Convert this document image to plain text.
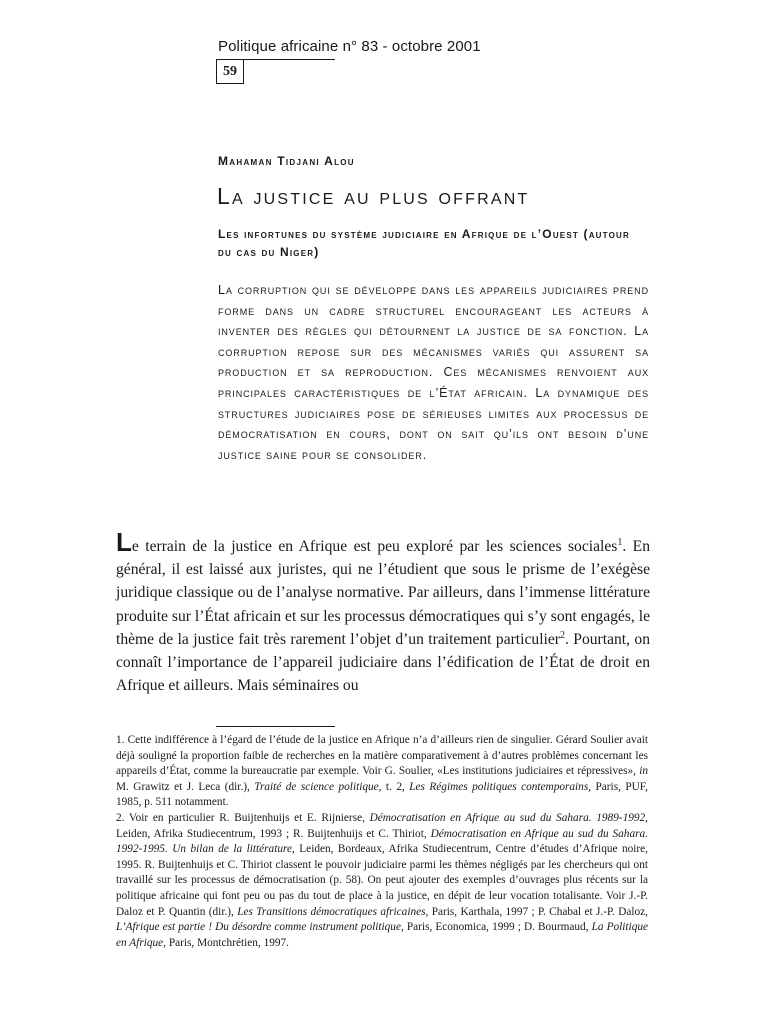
Politique africaine n° 83 - octobre 2001
59
Mahaman Tidjani Alou
La justice au plus offrant
Les infortunes du système judiciaire en Afrique de l’Ouest (autour du cas du Niger)
La corruption qui se développe dans les appareils judiciaires prend forme dans un cadre structurel encourageant les acteurs à inventer des règles qui détournent la justice de sa fonction. La corruption repose sur des mécanismes variés qui assurent sa production et sa reproduction. Ces mécanismes renvoient aux principales caractéristiques de l’État africain. La dynamique des structures judiciaires pose de sérieuses limites aux processus de démocratisation en cours, dont on sait qu’ils ont besoin d’une justice saine pour se consolider.
Le terrain de la justice en Afrique est peu exploré par les sciences sociales$^1$. En général, il est laissé aux juristes, qui ne l’étudient que sous le prisme de l’exégèse juridique classique ou de l’analyse normative. Par ailleurs, dans l’immense littérature produite sur l’État africain et sur les processus démocratiques qui s’y sont engagés, le thème de la justice fait très rarement l’objet d’un traitement particulier$^2$. Pourtant, on connaît l’importance de l’appareil judiciaire dans l’édification de l’État de droit en Afrique et ailleurs. Mais séminaires ou

1. Cette indifférence à l’égard de l’étude de la justice en Afrique n’a d’ailleurs rien de singulier. Gérard Soulier avait déjà souligné la proportion faible de recherches en la matière comparativement à d’autres problèmes concernant les appareils d’État, comme la bureaucratie par exemple. Voir G. Soulier, «Les institutions judiciaires et répressives», in M. Grawitz et J. Leca (dir.), Traité de science politique, t. 2, Les Régimes politiques contemporains, Paris, PUF, 1985, p. 511 notamment.

2. Voir en particulier R. Buijtenhuijs et E. Rijnierse, Démocratisation en Afrique au sud du Sahara. 1989-1992, Leiden, Afrika Studiecentrum, 1993 ; R. Buijtenhuijs et C. Thiriot, Démocratisation en Afrique au sud du Sahara. 1992-1995. Un bilan de la littérature, Leiden, Bordeaux, Afrika Studiecentrum, Centre d’études d’Afrique noire, 1995. R. Buijtenhuijs et C. Thiriot classent le pouvoir judiciaire parmi les thèmes négligés par les chercheurs qui ont travaillé sur les processus de démocratisation (p. 58). On peut ajouter des exemples d’ouvrages plus récents sur la politique africaine qui font peu ou pas du tout de place à la justice, en dépit de leur vocation totalisante. Voir J.-P. Daloz et P. Quantin (dir.), Les Transitions démocratiques africaines, Paris, Karthala, 1997 ; P. Chabal et J.-P. Daloz, L’Afrique est partie ! Du désordre comme instrument politique, Paris, Economica, 1999 ; D. Bourmaud, La Politique en Afrique, Paris, Montchrétien, 1997.
